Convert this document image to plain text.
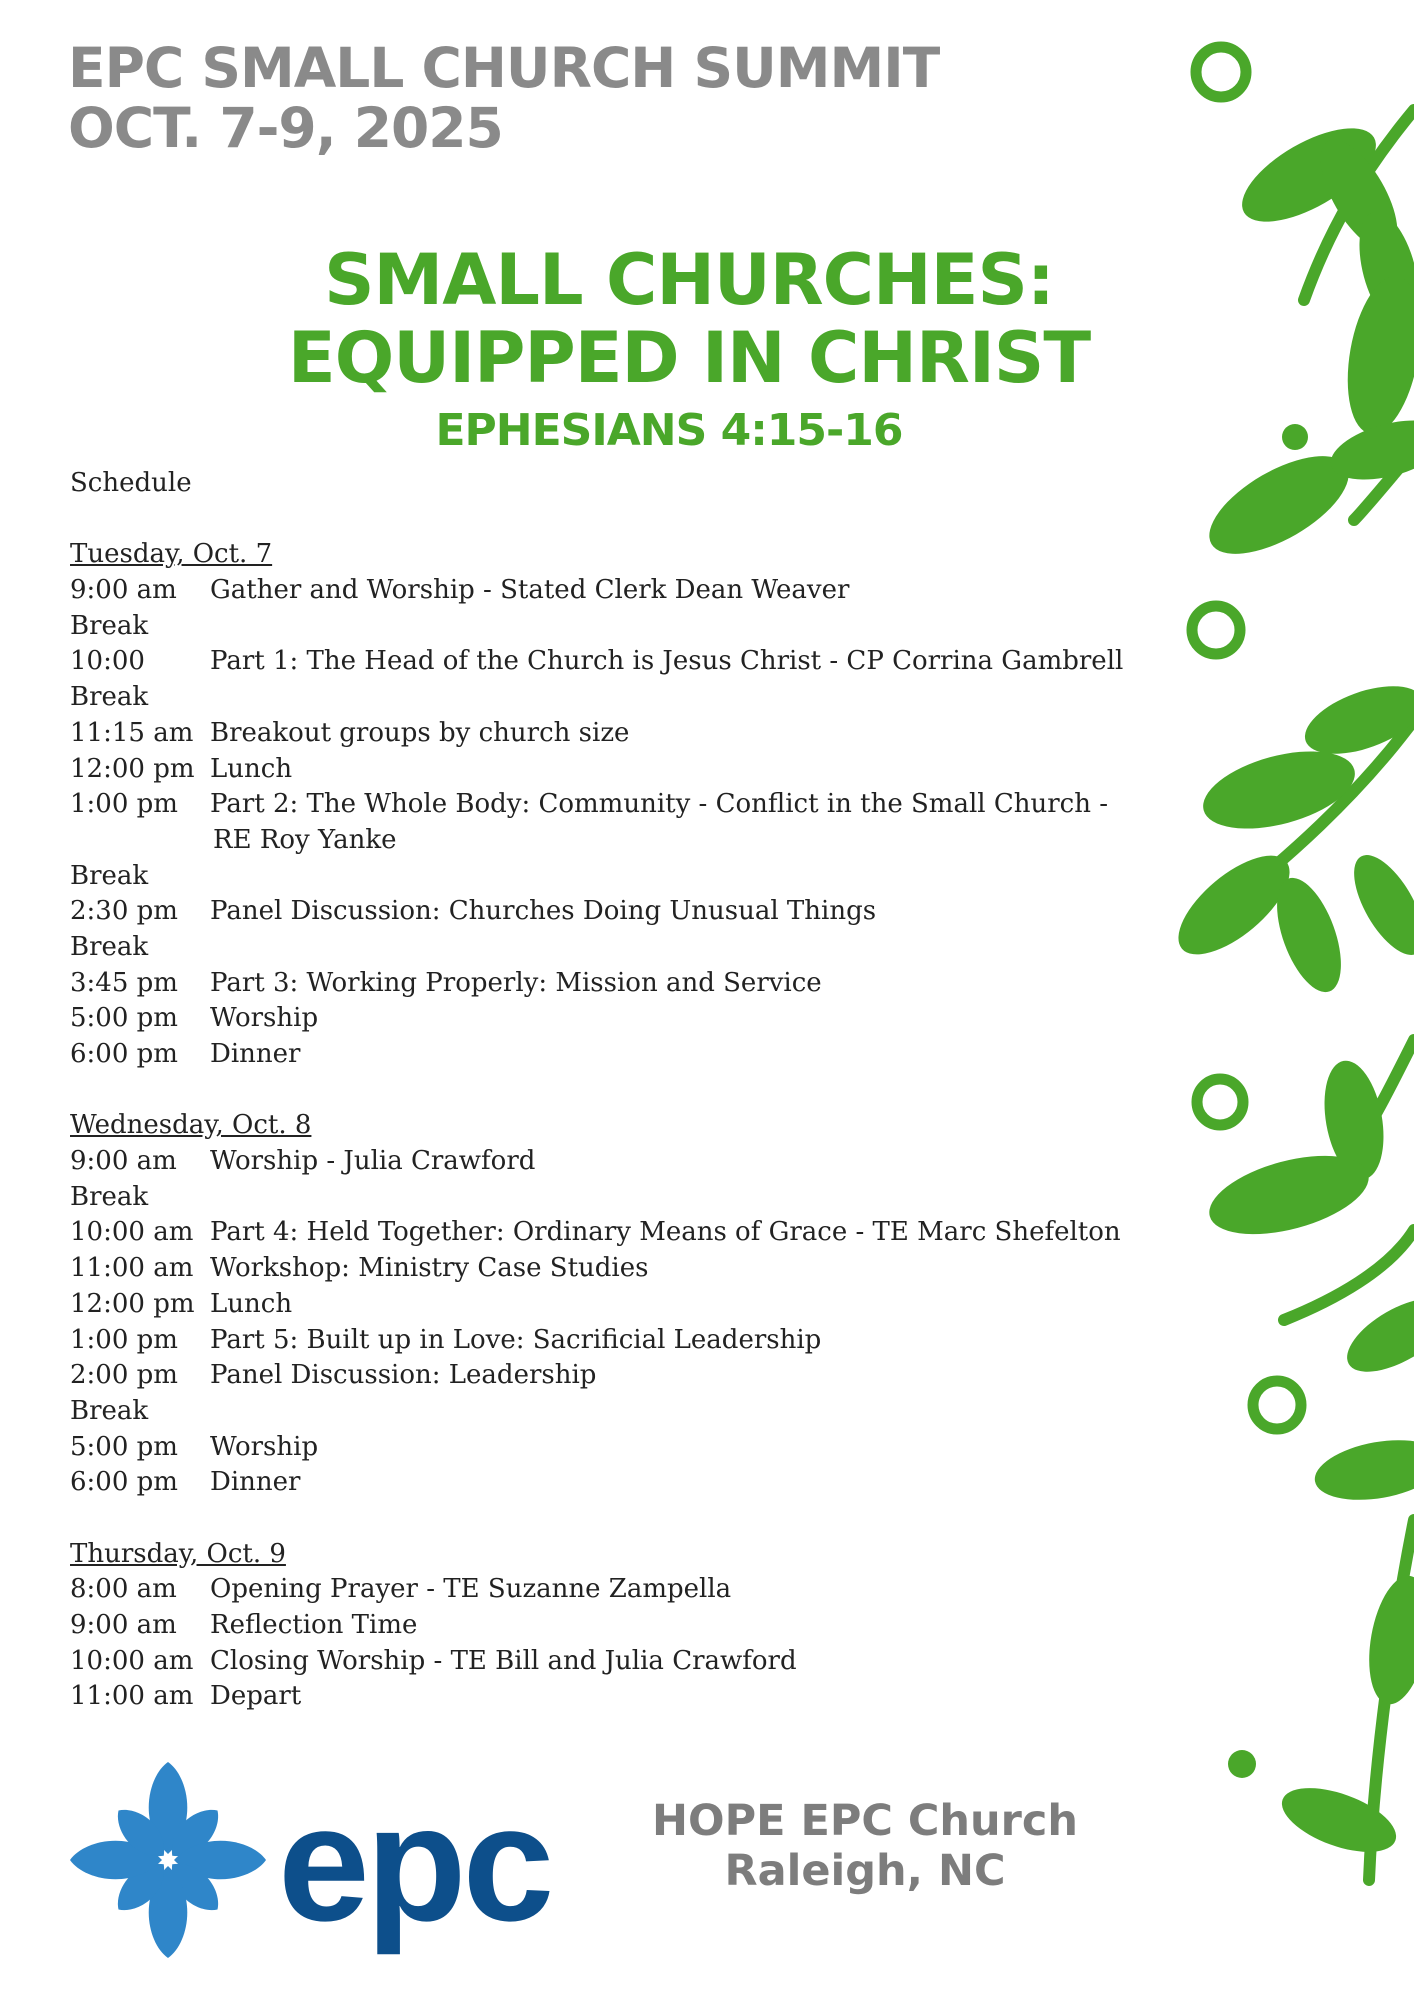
EPC SMALL CHURCH SUMMIT
OCT. 7-9, 2025
SMALL CHURCHES:
EQUIPPED IN CHRIST
EPHESIANS 4:15-16
Schedule
Tuesday, Oct. 7
9:00 am Gather and Worship - Stated Clerk Dean Weaver
Break
10:00	Part 1: The Head of the Church is Jesus Christ - CP Corrina Gambrell
Break
11:15 am Breakout groups by church size
12:00 pm Lunch
1:00 pm Part 2: The Whole Body: Community - Conflict in the Small Church -
RE Roy Yanke
Break
2:30 pm Panel Discussion: Churches Doing Unusual Things
Break
3:45 pm Part 3: Working Properly: Mission and Service
5:00 pm Worship
6:00 pm Dinner
Wednesday, Oct. 8
9:00 am Worship - Julia Crawford
Break
10:00 am Part 4: Held Together: Ordinary Means of Grace - TE Marc Shefelton
11:00 am Workshop: Ministry Case Studies
12:00 pm Lunch
1:00 pm Part 5: Built up in Love: Sacrificial Leadership
2:00 pm Panel Discussion: Leadership
Break
5:00 pm Worship
6:00 pm Dinner
Thursday, Oct. 9
8:00 am Opening Prayer - TE Suzanne Zampella
9:00 am Reflection Time
10:00 am Closing Worship - TE Bill and Julia Crawford
11:00 am Depart
epc HOPE EPC Church
Raleigh, NC
